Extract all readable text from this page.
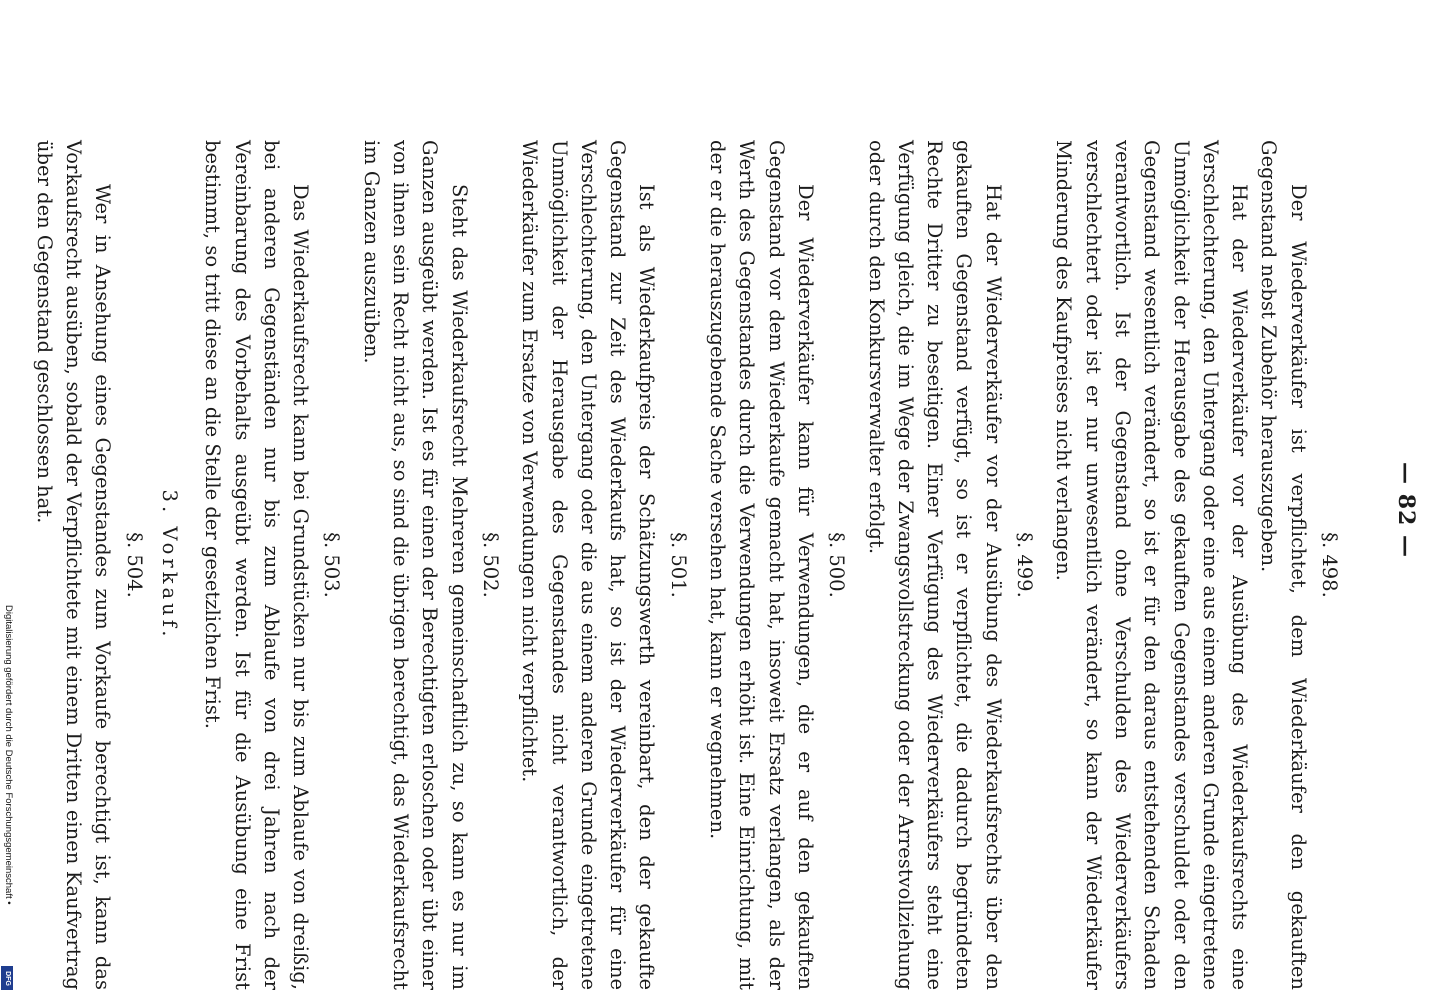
— 82 —
§. 498.

Der Wiederverkäufer ist verpflichtet, dem Wiederkäufer den gekauften Gegenstand nebst Zubehör herauszugeben.

Hat der Wiederverkäufer vor der Ausübung des Wiederkaufsrechts eine Verschlechterung, den Untergang oder eine aus einem anderen Grunde eingetretene Unmöglichkeit der Herausgabe des gekauften Gegenstandes verschuldet oder den Gegenstand wesentlich verändert, so ist er für den daraus entstehenden Schaden verantwortlich. Ist der Gegenstand ohne Verschulden des Wiederverkäufers verschlechtert oder ist er nur unwesentlich verändert, so kann der Wiederkäufer Minderung des Kaufpreises nicht verlangen.

§. 499.

Hat der Wiederverkäufer vor der Ausübung des Wiederkaufsrechts über den gekauften Gegenstand verfügt, so ist er verpflichtet, die dadurch begründeten Rechte Dritter zu beseitigen. Einer Verfügung des Wiederverkäufers steht eine Verfügung gleich, die im Wege der Zwangsvollstreckung oder der Arrestvollziehung oder durch den Konkursverwalter erfolgt.

§. 500.

Der Wiederverkäufer kann für Verwendungen, die er auf den gekauften Gegenstand vor dem Wiederkaufe gemacht hat, insoweit Ersatz verlangen, als der Werth des Gegenstandes durch die Verwendungen erhöht ist. Eine Einrichtung, mit der er die herauszugebende Sache versehen hat, kann er wegnehmen.

§. 501.

Ist als Wiederkaufpreis der Schätzungswerth vereinbart, den der gekaufte Gegenstand zur Zeit des Wiederkaufs hat, so ist der Wiederverkäufer für eine Verschlechterung, den Untergang oder die aus einem anderen Grunde eingetretene Unmöglichkeit der Herausgabe des Gegenstandes nicht verantwortlich, der Wiederkäufer zum Ersatze von Verwendungen nicht verpflichtet.

§. 502.

Steht das Wiederkaufsrecht Mehreren gemeinschaftlich zu, so kann es nur im Ganzen ausgeübt werden. Ist es für einen der Berechtigten erloschen oder übt einer von ihnen sein Recht nicht aus, so sind die übrigen berechtigt, das Wiederkaufsrecht im Ganzen auszuüben.

§. 503.

Das Wiederkaufsrecht kann bei Grundstücken nur bis zum Ablaufe von dreißig, bei anderen Gegenständen nur bis zum Ablaufe von drei Jahren nach der Vereinbarung des Vorbehalts ausgeübt werden. Ist für die Ausübung eine Frist bestimmt, so tritt diese an die Stelle der gesetzlichen Frist.

3. Vorkauf.
§. 504.

Wer in Ansehung eines Gegenstandes zum Vorkaufe berechtigt ist, kann das Vorkaufsrecht ausüben, sobald der Verpflichtete mit einem Dritten einen Kaufvertrag über den Gegenstand geschlossen hat.

Digitalisierung gefördert durch die Deutsche Forschungsgemeinschaft •
DFG
